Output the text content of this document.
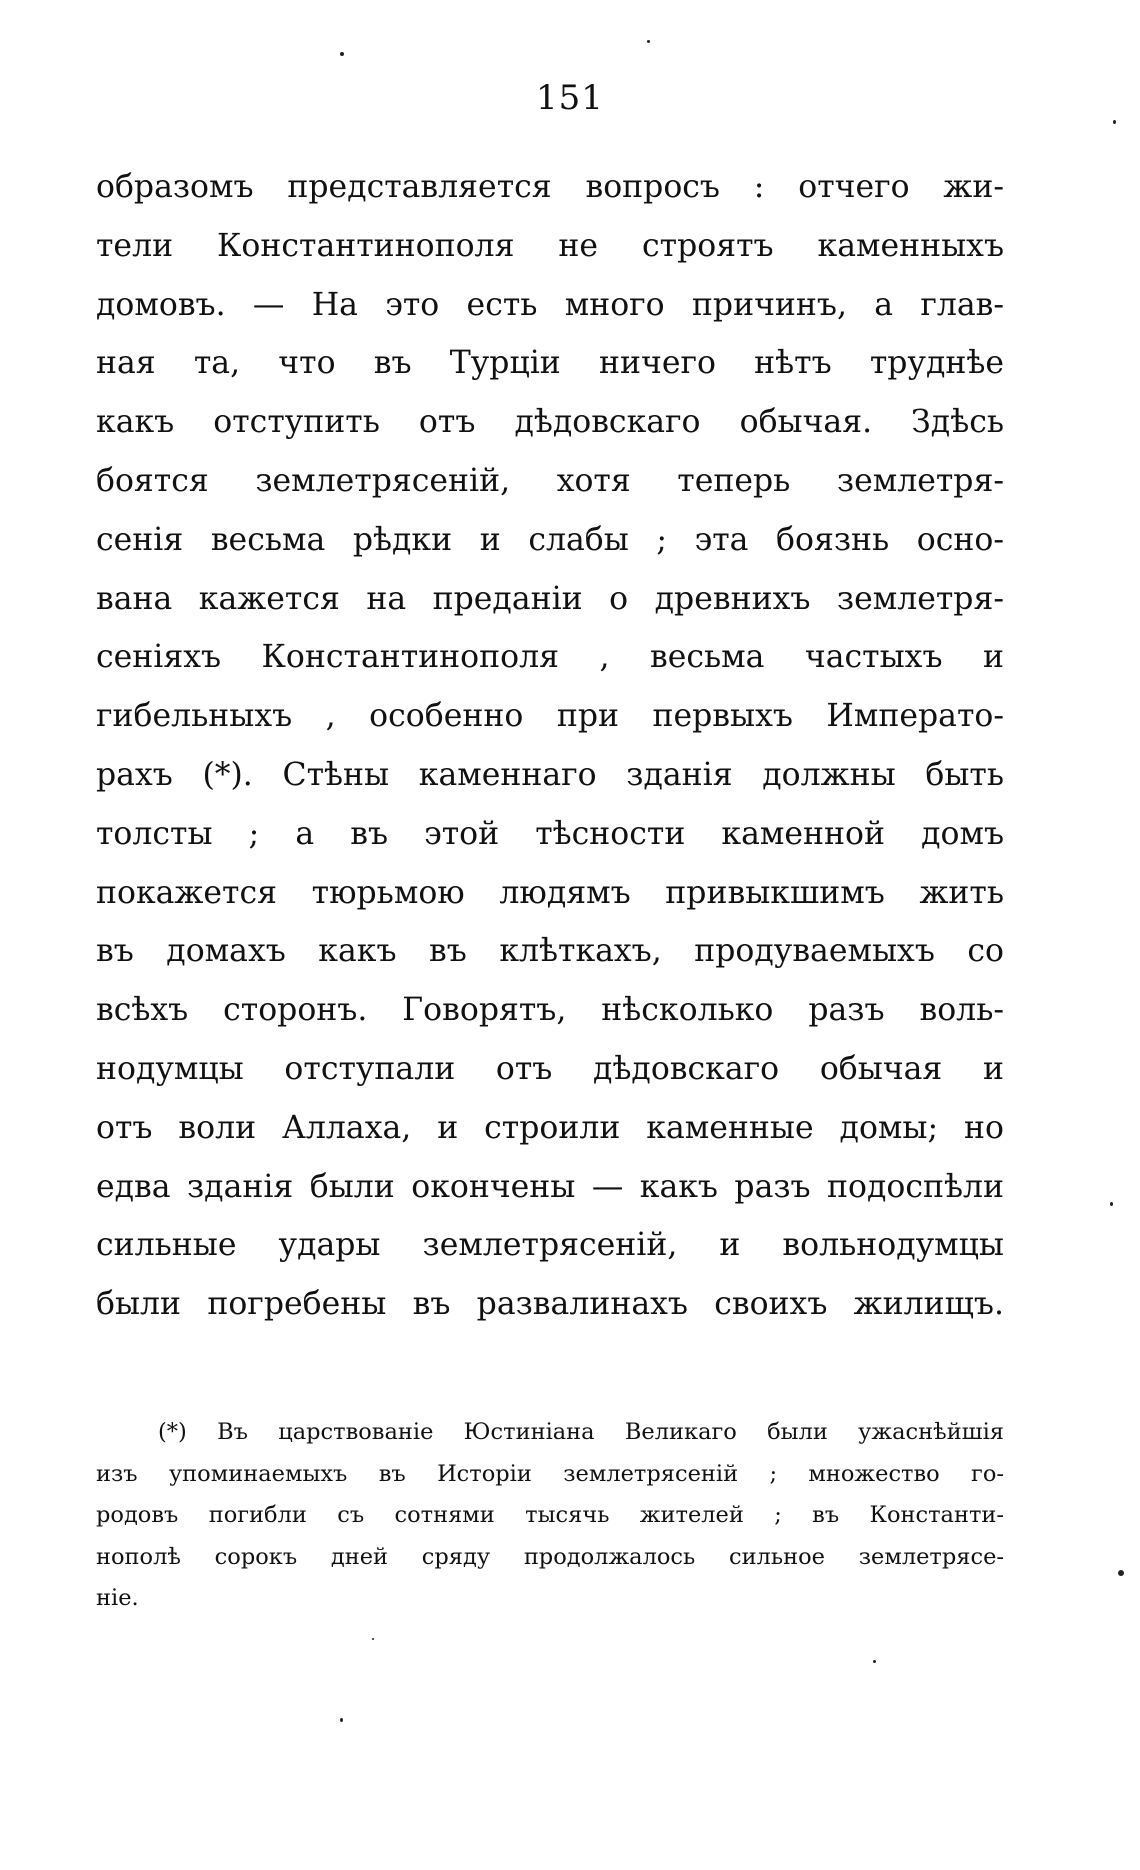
151
образомъ представляется вопросъ : отчего жи-
тели Константинополя не строятъ каменныхъ
домовъ. — На это есть много причинъ, а глав-
ная та, что въ Турціи ничего нѣтъ труднѣе
какъ отступить отъ дѣдовскаго обычая. Здѣсь
боятся землетрясеній, хотя теперь землетря-
сенія весьма рѣдки и слабы ; эта боязнь осно-
вана кажется на преданіи о древнихъ землетря-
сеніяхъ Константинополя , весьма частыхъ и
гибельныхъ , особенно при первыхъ Императо-
рахъ (*). Стѣны каменнаго зданія должны быть
толсты ; а въ этой тѣсности каменной домъ
покажется тюрьмою людямъ привыкшимъ жить
въ домахъ какъ въ клѣткахъ, продуваемыхъ со
всѣхъ сторонъ. Говорятъ, нѣсколько разъ воль-
нодумцы отступали отъ дѣдовскаго обычая и
отъ воли Аллаха, и строили каменные домы; но
едва зданія были окончены — какъ разъ подоспѣли
сильные удары землетрясеній, и вольнодумцы
были погребены въ развалинахъ своихъ жилищъ.
(*) Въ царствованіе Юстиніана Великаго были ужаснѣйшія
изъ упоминаемыхъ въ Исторіи землетрясеній ; множество го-
родовъ погибли съ сотнями тысячь жителей ; въ Константи-
нополѣ сорокъ дней сряду продолжалось сильное землетрясе-
ніе.
